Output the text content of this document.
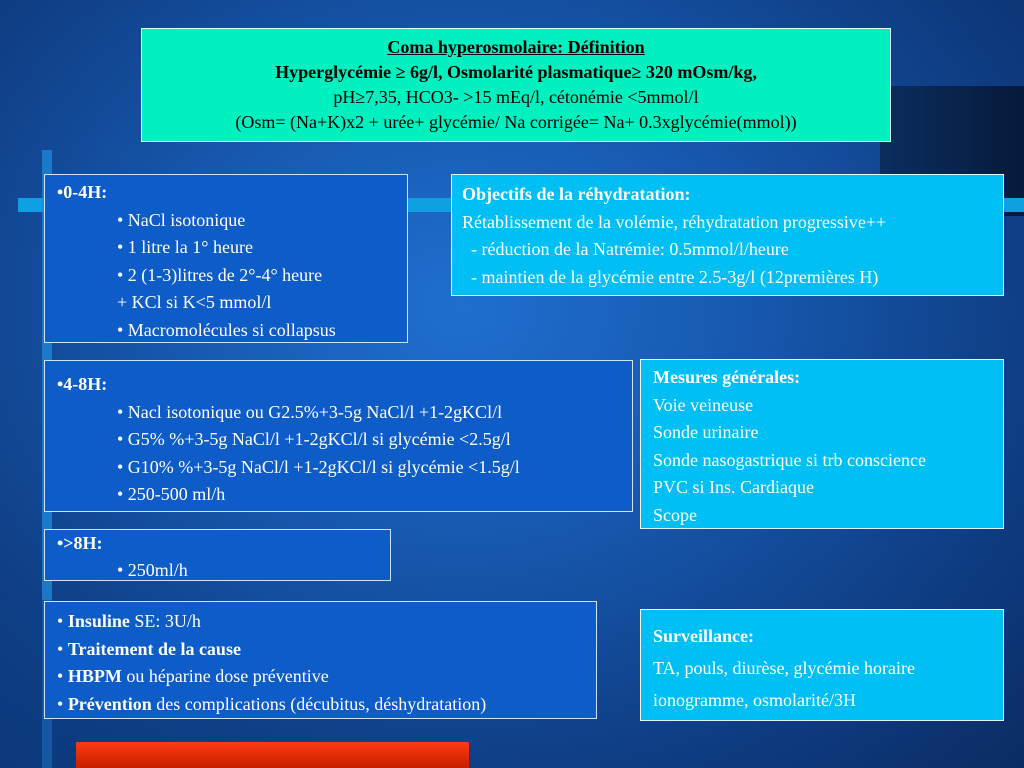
Coma hyperosmolaire: Définition

Hyperglycémie ≥ 6g/l, Osmolarité plasmatique≥ 320 mOsm/kg,

pH≥7,35, HCO3- >15 mEq/l, cétonémie <5mmol/l

(Osm= (Na+K)x2 + urée+ glycémie/ Na corrigée= Na+ 0.3xglycémie(mmol))

•0-4H:

• NaCl isotonique

• 1 litre la 1° heure

• 2 (1-3)litres de 2°-4° heure

+ KCl si K<5 mmol/l

• Macromolécules si collapsus

Objectifs de la réhydratation:

Rétablissement de la volémie, réhydratation progressive++

- réduction de la Natrémie: 0.5mmol/l/heure

- maintien de la glycémie entre 2.5-3g/l (12premières H)

•4-8H:

• Nacl isotonique ou G2.5%+3-5g NaCl/l +1-2gKCl/l

• G5% %+3-5g NaCl/l +1-2gKCl/l si glycémie <2.5g/l

• G10% %+3-5g NaCl/l +1-2gKCl/l si glycémie <1.5g/l

• 250-500 ml/h

Mesures générales:

Voie veineuse

Sonde urinaire

Sonde nasogastrique si trb conscience

PVC si Ins. Cardiaque

Scope

•>8H:

• 250ml/h

• Insuline SE: 3U/h

• Traitement de la cause

• HBPM ou héparine dose préventive

• Prévention des complications (décubitus, déshydratation)

Surveillance:

TA, pouls, diurèse, glycémie horaire

ionogramme, osmolarité/3H
